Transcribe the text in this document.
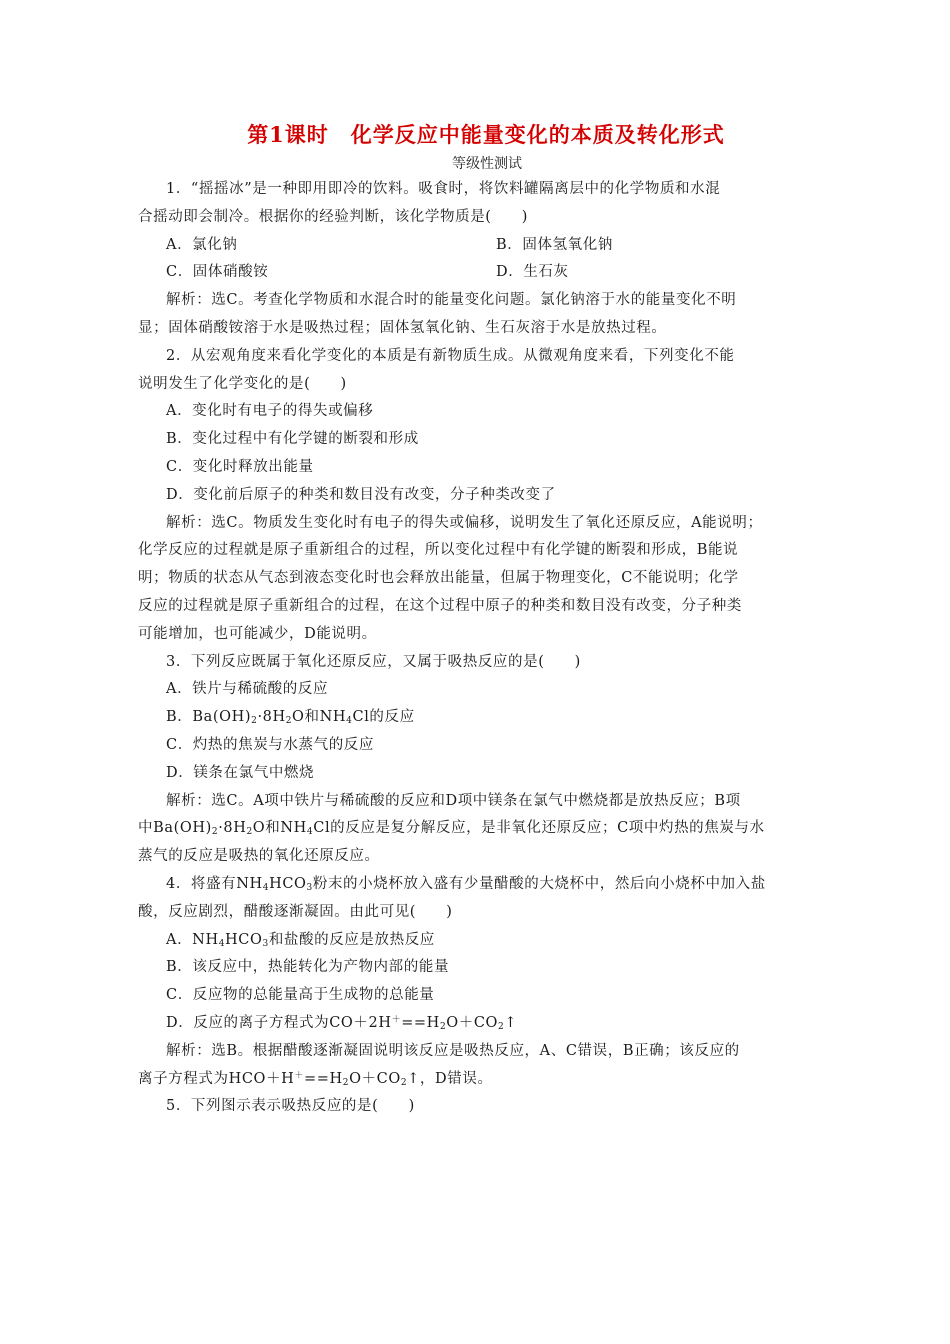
第1课时　化学反应中能量变化的本质及转化形式
等级性测试
1．“摇摇冰”是一种即用即冷的饮料。吸食时，将饮料罐隔离层中的化学物质和水混
合摇动即会制冷。根据你的经验判断，该化学物质是(　　)
A．氯化钠	B．固体氢氧化钠
C．固体硝酸铵	D．生石灰
解析：选C。考查化学物质和水混合时的能量变化问题。氯化钠溶于水的能量变化不明
显；固体硝酸铵溶于水是吸热过程；固体氢氧化钠、生石灰溶于水是放热过程。
2．从宏观角度来看化学变化的本质是有新物质生成。从微观角度来看，下列变化不能
说明发生了化学变化的是(　　)
A．变化时有电子的得失或偏移
B．变化过程中有化学键的断裂和形成
C．变化时释放出能量
D．变化前后原子的种类和数目没有改变，分子种类改变了
解析：选C。物质发生变化时有电子的得失或偏移，说明发生了氧化还原反应，A能说明；
化学反应的过程就是原子重新组合的过程，所以变化过程中有化学键的断裂和形成，B能说
明；物质的状态从气态到液态变化时也会释放出能量，但属于物理变化，C不能说明；化学
反应的过程就是原子重新组合的过程，在这个过程中原子的种类和数目没有改变，分子种类
可能增加，也可能减少，D能说明。
3．下列反应既属于氧化还原反应，又属于吸热反应的是(　　)
A．铁片与稀硫酸的反应
B．$Ba(OH)_2\cdot 8H_2O$和$NH_4Cl$的反应
C．灼热的焦炭与水蒸气的反应
D．镁条在氯气中燃烧
解析：选C。A项中铁片与稀硫酸的反应和D项中镁条在氯气中燃烧都是放热反应；B项
中$Ba(OH)_2\cdot 8H_2O$和$NH_4Cl$的反应是复分解反应，是非氧化还原反应；C项中灼热的焦炭与水
蒸气的反应是吸热的氧化还原反应。
4．将盛有$NH_4HCO_3$粉末的小烧杯放入盛有少量醋酸的大烧杯中，然后向小烧杯中加入盐
酸，反应剧烈，醋酸逐渐凝固。由此可见(　　)
A．$NH_4HCO_3$和盐酸的反应是放热反应
B．该反应中，热能转化为产物内部的能量
C．反应物的总能量高于生成物的总能量
D．反应的离子方程式为$CO+2H^+==H_2O+CO_2↑$
解析：选B。根据醋酸逐渐凝固说明该反应是吸热反应，A、C错误，B正确；该反应的
离子方程式为$HCO+H^+==H_2O+CO_2↑$，D错误。
5．下列图示表示吸热反应的是(　　)
